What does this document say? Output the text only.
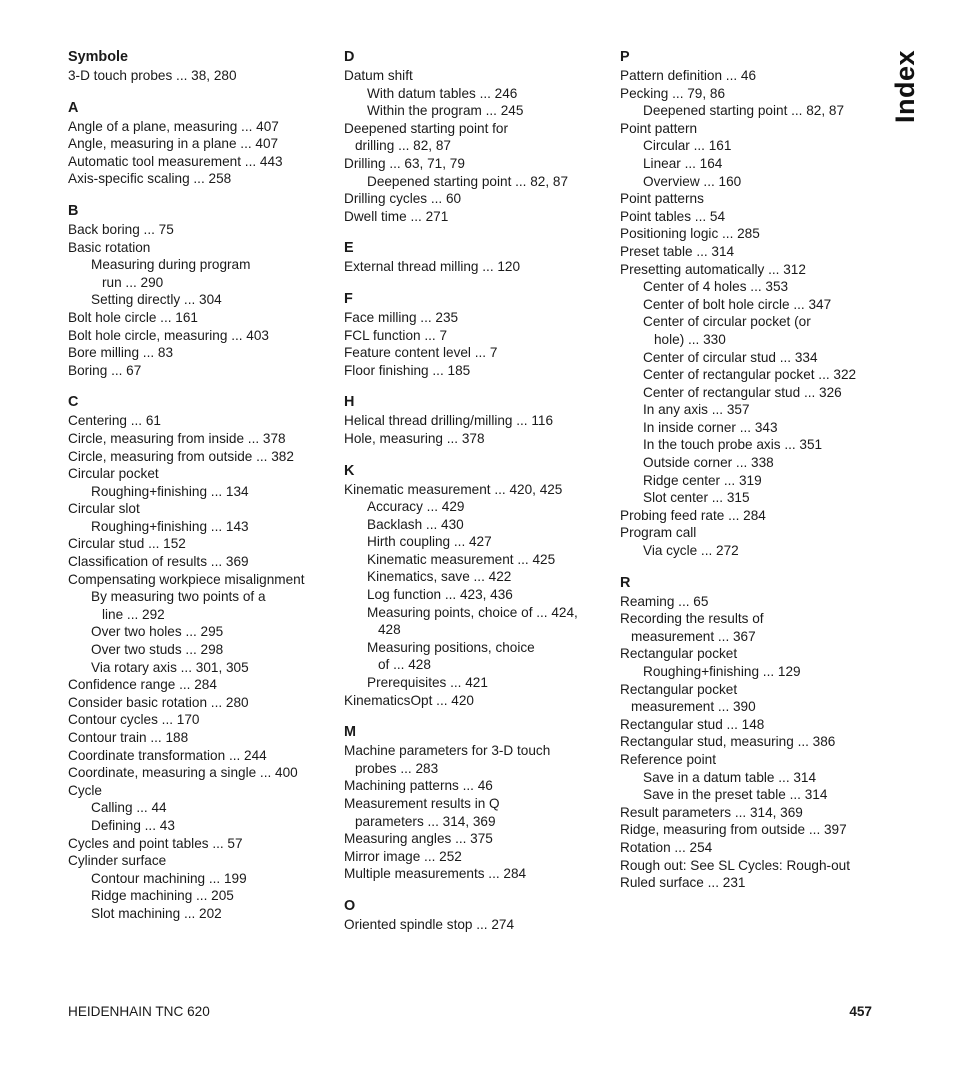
Symbole
3-D touch probes ... 38, 280
A
Angle of a plane, measuring ... 407
Angle, measuring in a plane ... 407
Automatic tool measurement ... 443
Axis-specific scaling ... 258
B
Back boring ... 75
Basic rotation
Measuring during program
run ... 290
Setting directly ... 304
Bolt hole circle ... 161
Bolt hole circle, measuring ... 403
Bore milling ... 83
Boring ... 67
C
Centering ... 61
Circle, measuring from inside ... 378
Circle, measuring from outside ... 382
Circular pocket
Roughing+finishing ... 134
Circular slot
Roughing+finishing ... 143
Circular stud ... 152
Classification of results ... 369
Compensating workpiece misalignment
By measuring two points of a
line ... 292
Over two holes ... 295
Over two studs ... 298
Via rotary axis ... 301, 305
Confidence range ... 284
Consider basic rotation ... 280
Contour cycles ... 170
Contour train ... 188
Coordinate transformation ... 244
Coordinate, measuring a single ... 400
Cycle
Calling ... 44
Defining ... 43
Cycles and point tables ... 57
Cylinder surface
Contour machining ... 199
Ridge machining ... 205
Slot machining ... 202
D
Datum shift
With datum tables ... 246
Within the program ... 245
Deepened starting point for
drilling ... 82, 87
Drilling ... 63, 71, 79
Deepened starting point ... 82, 87
Drilling cycles ... 60
Dwell time ... 271
E
External thread milling ... 120
F
Face milling ... 235
FCL function ... 7
Feature content level ... 7
Floor finishing ... 185
H
Helical thread drilling/milling ... 116
Hole, measuring ... 378
K
Kinematic measurement ... 420, 425
Accuracy ... 429
Backlash ... 430
Hirth coupling ... 427
Kinematic measurement ... 425
Kinematics, save ... 422
Log function ... 423, 436
Measuring points, choice of ... 424,
428
Measuring positions, choice
of ... 428
Prerequisites ... 421
KinematicsOpt ... 420
M
Machine parameters for 3-D touch
probes ... 283
Machining patterns ... 46
Measurement results in Q
parameters ... 314, 369
Measuring angles ... 375
Mirror image ... 252
Multiple measurements ... 284
O
Oriented spindle stop ... 274
P
Pattern definition ... 46
Pecking ... 79, 86
Deepened starting point ... 82, 87
Point pattern
Circular ... 161
Linear ... 164
Overview ... 160
Point patterns
Point tables ... 54
Positioning logic ... 285
Preset table ... 314
Presetting automatically ... 312
Center of 4 holes ... 353
Center of bolt hole circle ... 347
Center of circular pocket (or
hole) ... 330
Center of circular stud ... 334
Center of rectangular pocket ... 322
Center of rectangular stud ... 326
In any axis ... 357
In inside corner ... 343
In the touch probe axis ... 351
Outside corner ... 338
Ridge center ... 319
Slot center ... 315
Probing feed rate ... 284
Program call
Via cycle ... 272
R
Reaming ... 65
Recording the results of
measurement ... 367
Rectangular pocket
Roughing+finishing ... 129
Rectangular pocket
measurement ... 390
Rectangular stud ... 148
Rectangular stud, measuring ... 386
Reference point
Save in a datum table ... 314
Save in the preset table ... 314
Result parameters ... 314, 369
Ridge, measuring from outside ... 397
Rotation ... 254
Rough out: See SL Cycles: Rough-out
Ruled surface ... 231
Index
HEIDENHAIN TNC 620	457
